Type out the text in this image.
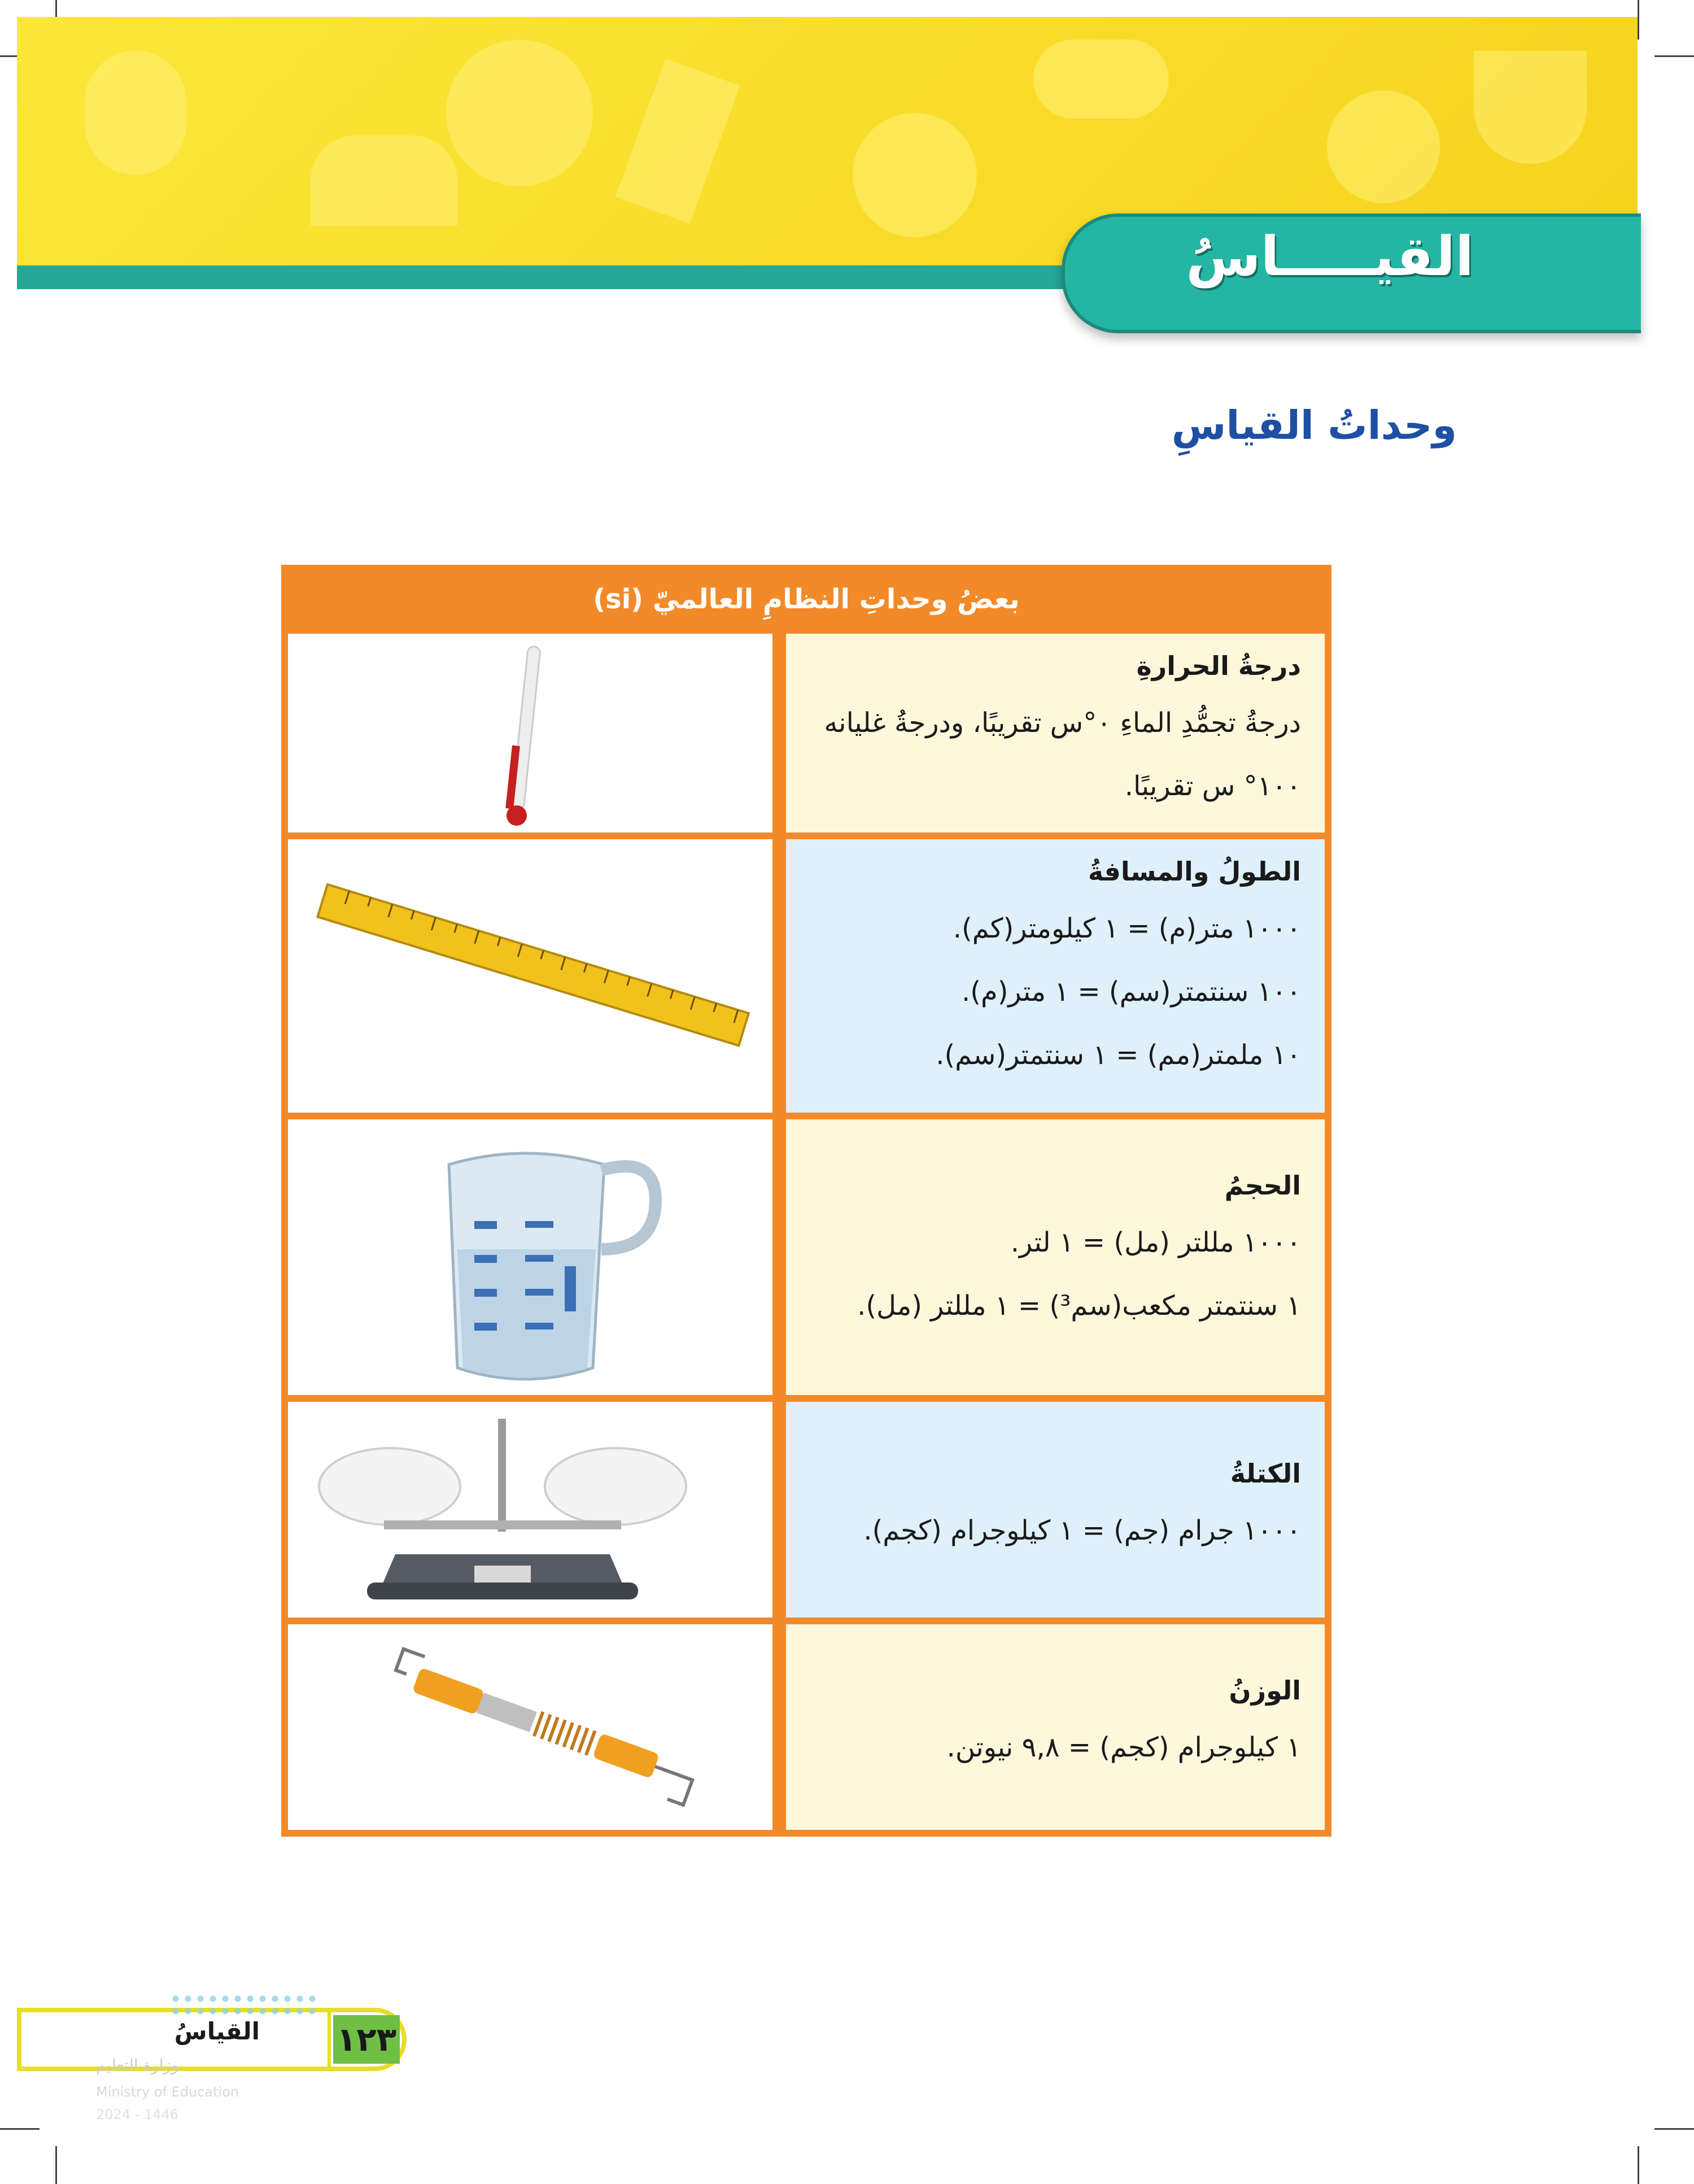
القيـــــاسُ
وحداتُ القياسِ
بعضُ وحداتِ النظامِ العالميّ (si)
درجةُ الحرارةِ
درجةُ تجمُّدِ الماءِ ٠°س تقريبًا، ودرجةُ غليانه
١٠٠° س تقريبًا.
الطولُ والمسافةُ
١٠٠٠ متر(م) = ١ كيلومتر(كم).
١٠٠ سنتمتر(سم) = ١ متر(م).
١٠ ملمتر(مم) = ١ سنتمتر(سم).
الحجمُ
١٠٠٠ مللتر (مل) = ١ لتر.
١ سنتمتر مكعب(سم³) = ١ مللتر (مل).
الكتلةُ
١٠٠٠ جرام (جم) = ١ كيلوجرام (كجم).
الوزنُ
١ كيلوجرام (كجم) = ٩,٨ نيوتن.
١٢٣
القياسُ
وزارة التعليم
Ministry of Education
2024 - 1446
